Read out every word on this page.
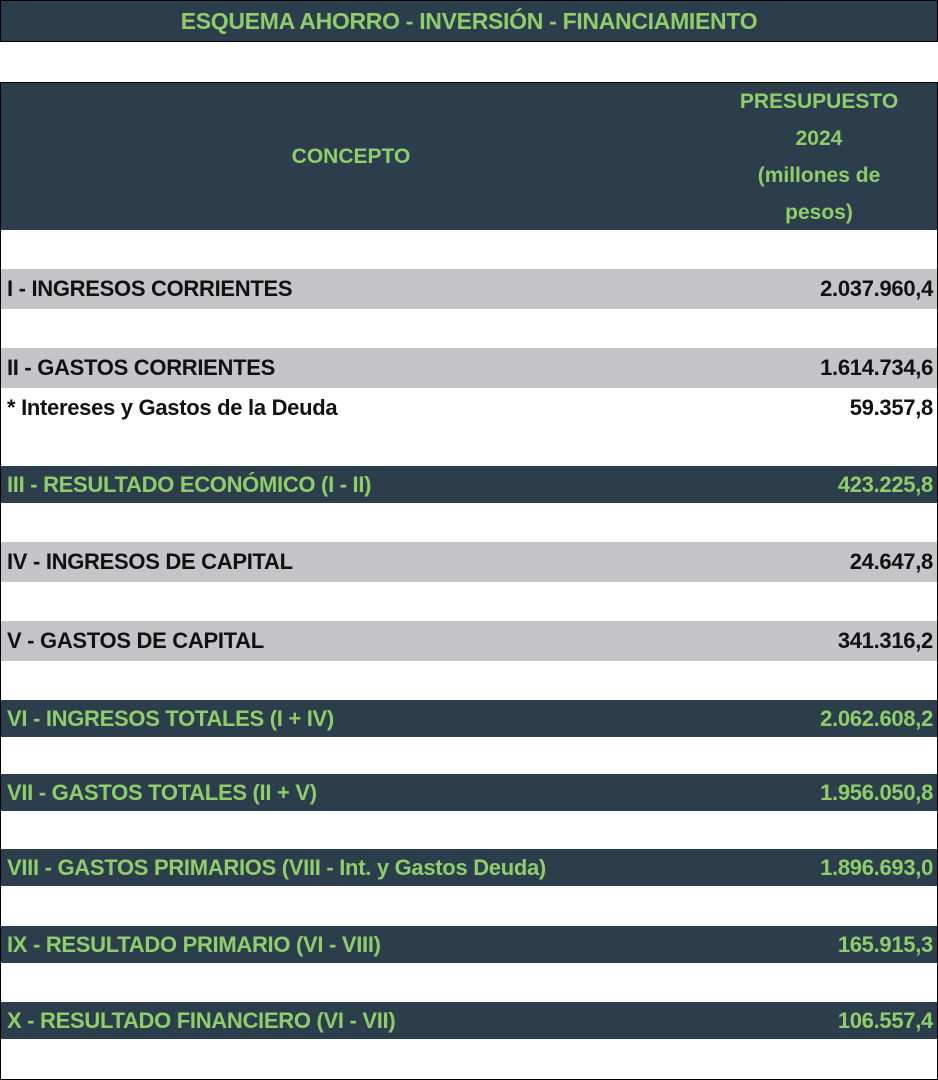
ESQUEMA AHORRO - INVERSIÓN - FINANCIAMIENTO
CONCEPTO
PRESUPUESTO
2024
(millones de
pesos)
I - INGRESOS CORRIENTES	2.037.960,4
II - GASTOS CORRIENTES	1.614.734,6
* Intereses y Gastos de la Deuda	59.357,8
III - RESULTADO ECONÓMICO (I - II)	423.225,8
IV - INGRESOS DE CAPITAL	24.647,8
V - GASTOS DE CAPITAL	341.316,2
VI - INGRESOS TOTALES (I + IV)	2.062.608,2
VII - GASTOS TOTALES (II + V)	1.956.050,8
VIII - GASTOS PRIMARIOS (VIII - Int. y Gastos Deuda)	1.896.693,0
IX - RESULTADO PRIMARIO (VI - VIII)	165.915,3
X - RESULTADO FINANCIERO (VI - VII)	106.557,4
